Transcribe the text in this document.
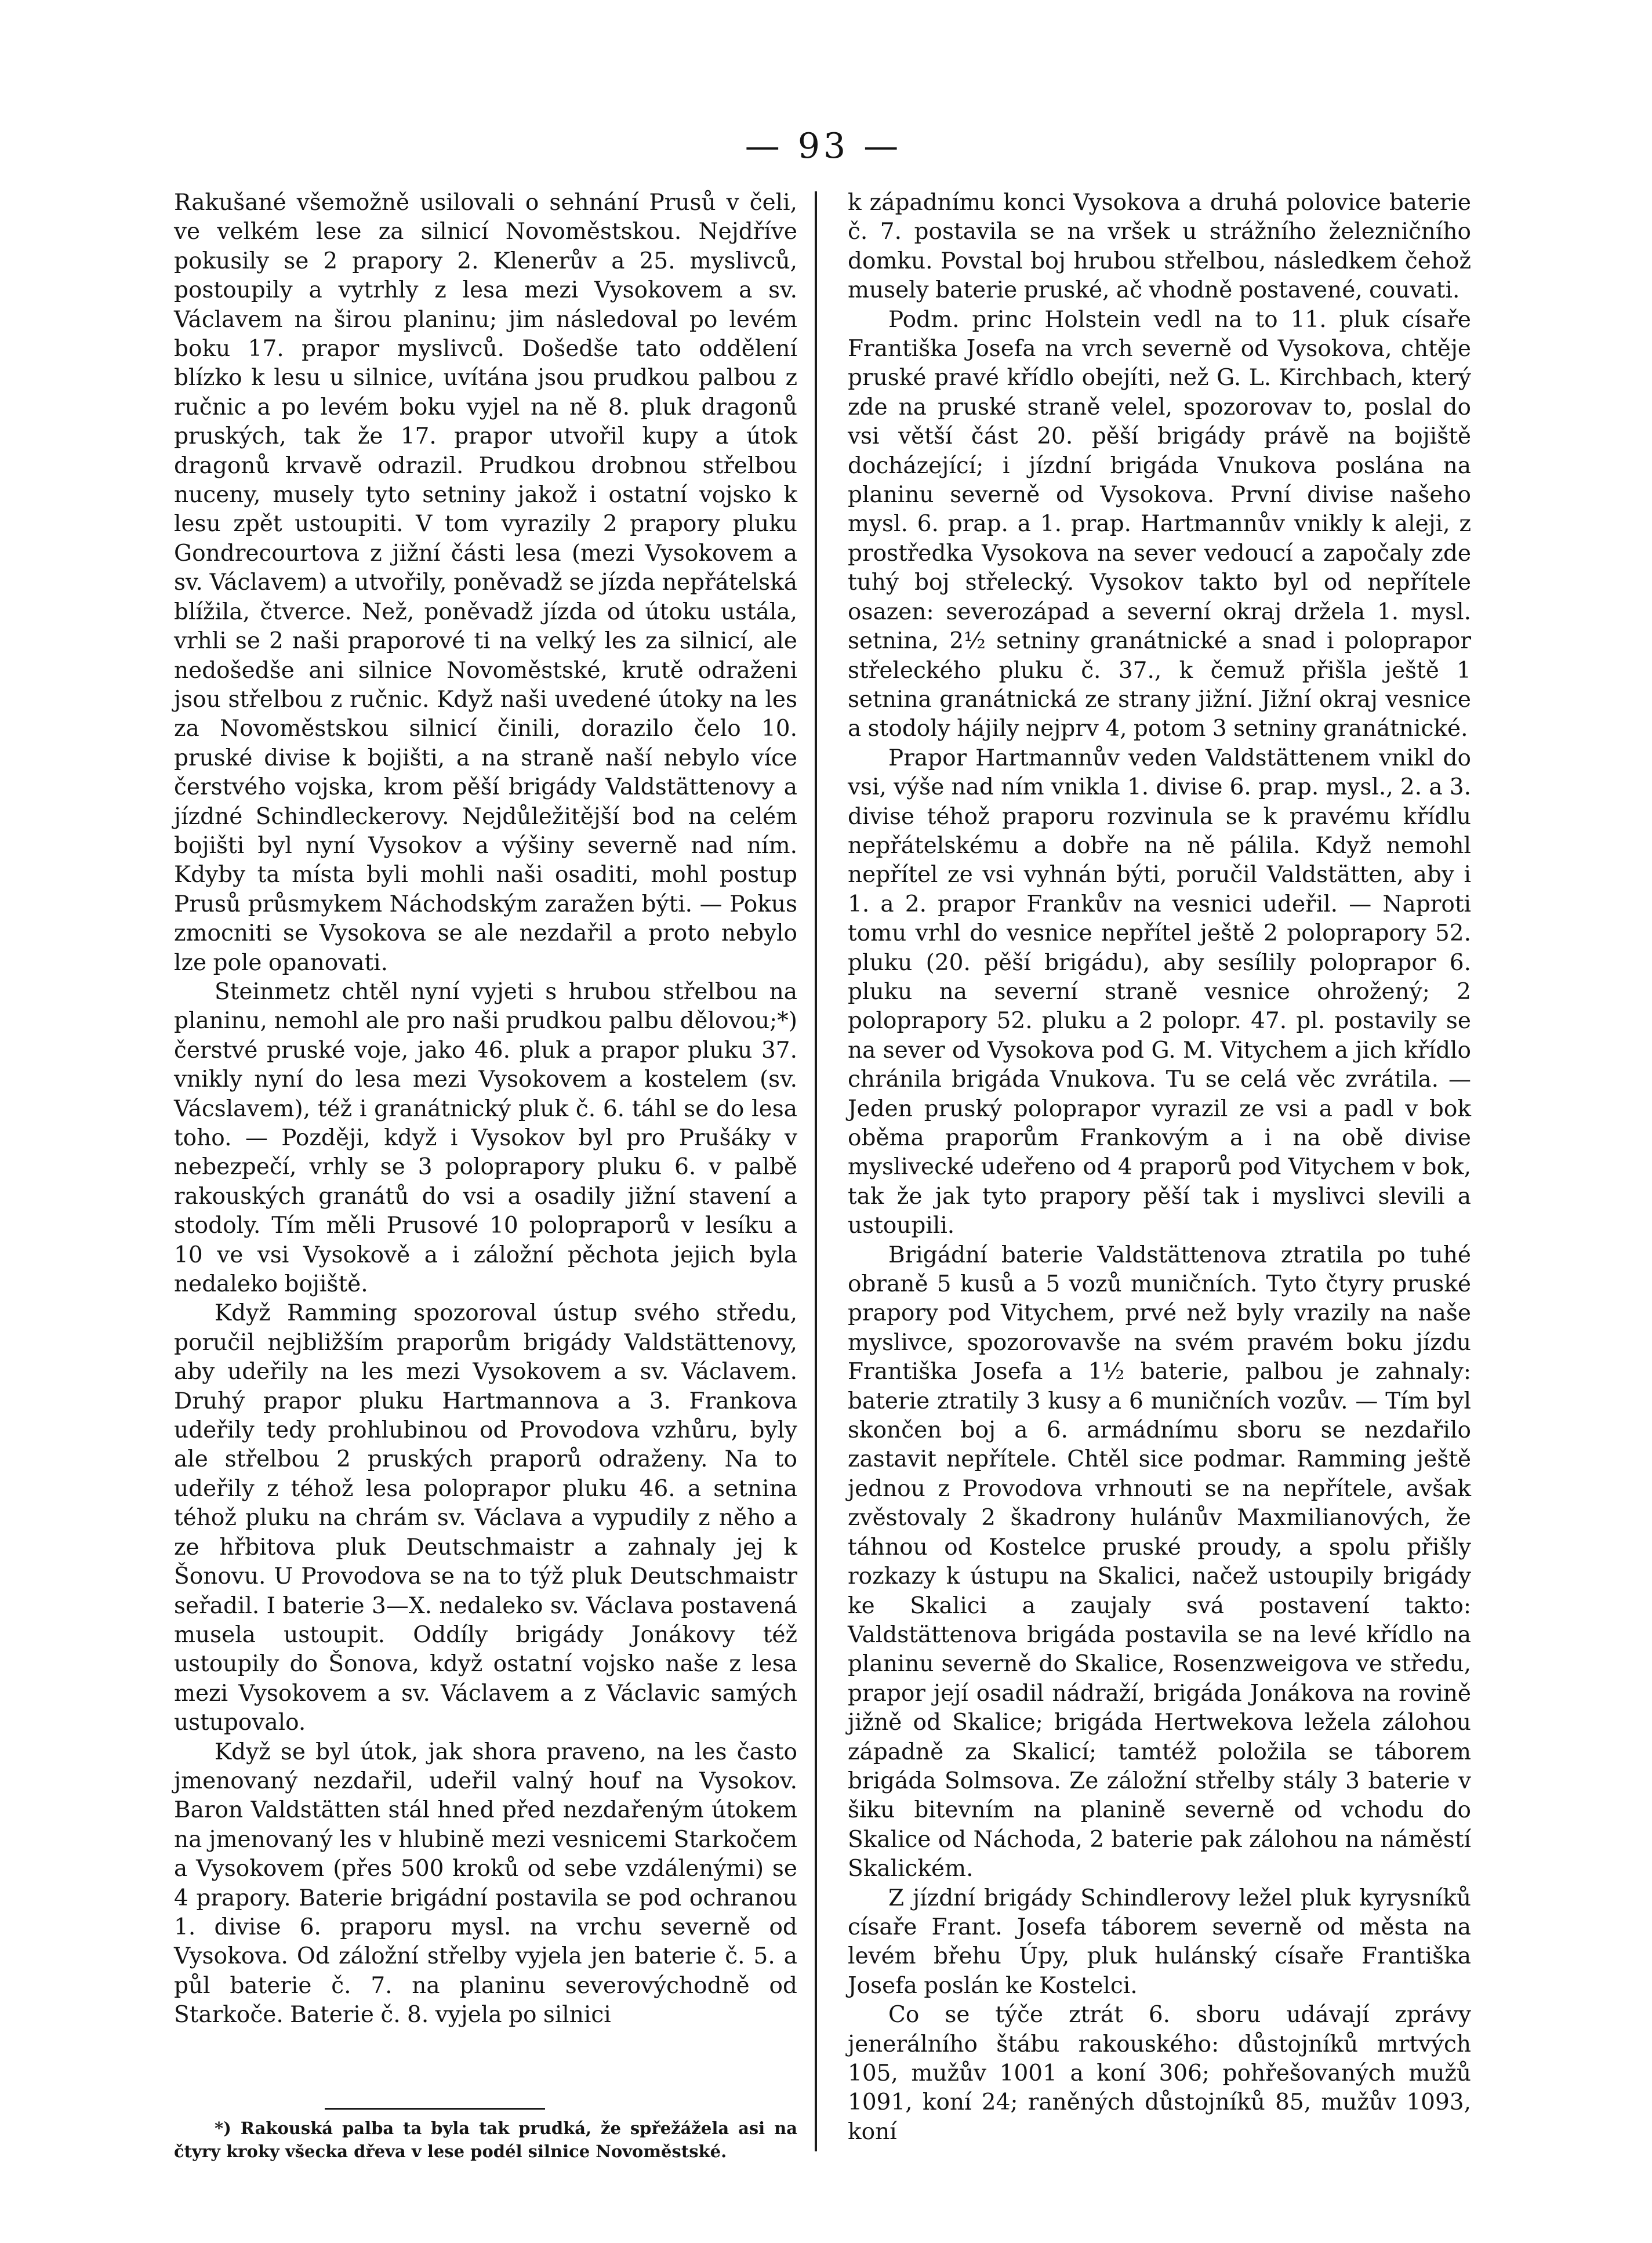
— 93 —

Rakušané všemožně usilovali o sehnání Prusů v čeli, ve velkém lese za silnicí Novoměstskou. Nejdříve pokusily se 2 prapory 2. Klenerův a 25. myslivců, postoupily a vytrhly z lesa mezi Vysokovem a sv. Václavem na širou planinu; jim následoval po levém boku 17. prapor myslivců. Došedše tato oddělení blízko k lesu u silnice, uvítána jsou prudkou palbou z ručnic a po levém boku vyjel na ně 8. pluk dragonů pruských, tak že 17. prapor utvořil kupy a útok dragonů krvavě odrazil. Prudkou drobnou střelbou nuceny, musely tyto setniny jakož i ostatní vojsko k lesu zpět ustoupiti. V tom vyrazily 2 prapory pluku Gondrecourtova z jižní části lesa (mezi Vysokovem a sv. Václavem) a utvořily, poněvadž se jízda nepřátelská blížila, čtverce. Než, poněvadž jízda od útoku ustála, vrhli se 2 naši praporové ti na velký les za silnicí, ale nedošedše ani silnice Novoměstské, krutě odraženi jsou střelbou z ručnic. Když naši uvedené útoky na les za Novoměstskou silnicí činili, dorazilo čelo 10. pruské divise k bojišti, a na straně naší nebylo více čerstvého vojska, krom pěší brigády Valdstättenovy a jízdné Schindleckerovy. Nejdůležitější bod na celém bojišti byl nyní Vysokov a výšiny severně nad ním. Kdyby ta místa byli mohli naši osaditi, mohl postup Prusů průsmykem Náchodským zaražen býti. — Pokus zmocniti se Vysokova se ale nezdařil a proto nebylo lze pole opanovati.

Steinmetz chtěl nyní vyjeti s hrubou střelbou na planinu, nemohl ale pro naši prudkou palbu dělovou;*) čerstvé pruské voje, jako 46. pluk a prapor pluku 37. vnikly nyní do lesa mezi Vysokovem a kostelem (sv. Vácslavem), též i granátnický pluk č. 6. táhl se do lesa toho. — Později, když i Vysokov byl pro Prušáky v nebezpečí, vrhly se 3 poloprapory pluku 6. v palbě rakouských granátů do vsi a osadily jižní stavení a stodoly. Tím měli Prusové 10 polopraporů v lesíku a 10 ve vsi Vysokově a i záložní pěchota jejich byla nedaleko bojiště.

Když Ramming spozoroval ústup svého středu, poručil nejbližším praporům brigády Valdstättenovy, aby udeřily na les mezi Vysokovem a sv. Václavem. Druhý prapor pluku Hartmannova a 3. Frankova udeřily tedy prohlubinou od Provodova vzhůru, byly ale střelbou 2 pruských praporů odraženy. Na to udeřily z téhož lesa poloprapor pluku 46. a setnina téhož pluku na chrám sv. Václava a vypudily z něho a ze hřbitova pluk Deutschmaistr a zahnaly jej k Šonovu. U Provodova se na to týž pluk Deutschmaistr seřadil. I baterie 3—X. nedaleko sv. Václava postavená musela ustoupit. Oddíly brigády Jonákovy též ustoupily do Šonova, když ostatní vojsko naše z lesa mezi Vysokovem a sv. Václavem a z Václavic samých ustupovalo.

Když se byl útok, jak shora praveno, na les často jmenovaný nezdařil, udeřil valný houf na Vysokov. Baron Valdstätten stál hned před nezdařeným útokem na jmenovaný les v hlubině mezi vesnicemi Starkočem a Vysokovem (přes 500 kroků od sebe vzdálenými) se 4 prapory. Baterie brigádní postavila se pod ochranou 1. divise 6. praporu mysl. na vrchu severně od Vysokova. Od záložní střelby vyjela jen baterie č. 5. a půl baterie č. 7. na planinu severovýchodně od Starkoče. Baterie č. 8. vyjela po silnici

k západnímu konci Vysokova a druhá polovice baterie č. 7. postavila se na vršek u strážního železničního domku. Povstal boj hrubou střelbou, následkem čehož musely baterie pruské, ač vhodně postavené, couvati.

Podm. princ Holstein vedl na to 11. pluk císaře Františka Josefa na vrch severně od Vysokova, chtěje pruské pravé křídlo obejíti, než G. L. Kirchbach, který zde na pruské straně velel, spozorovav to, poslal do vsi větší část 20. pěší brigády právě na bojiště docházející; i jízdní brigáda Vnukova poslána na planinu severně od Vysokova. První divise našeho mysl. 6. prap. a 1. prap. Hartmannův vnikly k aleji, z prostředka Vysokova na sever vedoucí a započaly zde tuhý boj střelecký. Vysokov takto byl od nepřítele osazen: severozápad a severní okraj držela 1. mysl. setnina, 2½ setniny granátnické a snad i poloprapor střeleckého pluku č. 37., k čemuž přišla ještě 1 setnina granátnická ze strany jižní. Jižní okraj vesnice a stodoly hájily nejprv 4, potom 3 setniny granátnické.

Prapor Hartmannův veden Valdstättenem vnikl do vsi, výše nad ním vnikla 1. divise 6. prap. mysl., 2. a 3. divise téhož praporu rozvinula se k pravému křídlu nepřátelskému a dobře na ně pálila. Když nemohl nepřítel ze vsi vyhnán býti, poručil Valdstätten, aby i 1. a 2. prapor Frankův na vesnici udeřil. — Naproti tomu vrhl do vesnice nepřítel ještě 2 poloprapory 52. pluku (20. pěší brigádu), aby sesílily poloprapor 6. pluku na severní straně vesnice ohrožený; 2 poloprapory 52. pluku a 2 polopr. 47. pl. postavily se na sever od Vysokova pod G. M. Vitychem a jich křídlo chránila brigáda Vnukova. Tu se celá věc zvrátila. — Jeden pruský poloprapor vyrazil ze vsi a padl v bok oběma praporům Frankovým a i na obě divise myslivecké udeřeno od 4 praporů pod Vitychem v bok, tak že jak tyto prapory pěší tak i myslivci slevili a ustoupili.

Brigádní baterie Valdstättenova ztratila po tuhé obraně 5 kusů a 5 vozů muničních. Tyto čtyry pruské prapory pod Vitychem, prvé než byly vrazily na naše myslivce, spozorovavše na svém pravém boku jízdu Františka Josefa a 1½ baterie, palbou je zahnaly: baterie ztratily 3 kusy a 6 muničních vozův. — Tím byl skončen boj a 6. armádnímu sboru se nezdařilo zastavit nepřítele. Chtěl sice podmar. Ramming ještě jednou z Provodova vrhnouti se na nepřítele, avšak zvěstovaly 2 škadrony hulánův Maxmilianových, že táhnou od Kostelce pruské proudy, a spolu přišly rozkazy k ústupu na Skalici, načež ustoupily brigády ke Skalici a zaujaly svá postavení takto: Valdstättenova brigáda postavila se na levé křídlo na planinu severně do Skalice, Rosenzweigova ve středu, prapor její osadil nádraží, brigáda Jonákova na rovině jižně od Skalice; brigáda Hertwekova ležela zálohou západně za Skalicí; tamtéž položila se táborem brigáda Solmsova. Ze záložní střelby stály 3 baterie v šiku bitevním na planině severně od vchodu do Skalice od Náchoda, 2 baterie pak zálohou na náměstí Skalickém.

Z jízdní brigády Schindlerovy ležel pluk kyrysníků císaře Frant. Josefa táborem severně od města na levém břehu Úpy, pluk hulánský císaře Františka Josefa poslán ke Kostelci.

Co se týče ztrát 6. sboru udávají zprávy jenerálního štábu rakouského: důstojníků mrtvých 105, mužův 1001 a koní 306; pohřešovaných mužů 1091, koní 24; raněných důstojníků 85, mužův 1093, koní

*) Rakouská palba ta byla tak prudká, že spřežážela asi na čtyry kroky všecka dřeva v lese podél silnice Novoměstské.
